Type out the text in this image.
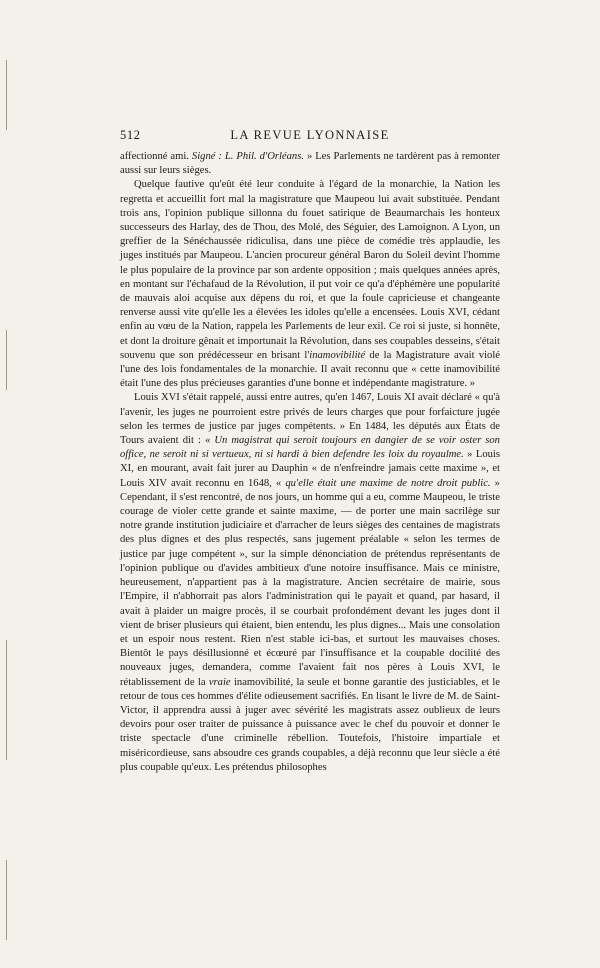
512	LA REVUE LYONNAISE

affectionné ami. Signé : L. Phil. d'Orléans. » Les Parlements ne tardèrent pas à remonter aussi sur leurs sièges.

Quelque fautive qu'eût été leur conduite à l'égard de la monarchie, la Nation les regretta et accueillit fort mal la magistrature que Maupeou lui avait substituée. Pendant trois ans, l'opinion publique sillonna du fouet satirique de Beaumarchais les honteux successeurs des Harlay, des de Thou, des Molé, des Séguier, des Lamoignon. A Lyon, un greffier de la Sénéchaussée ridiculisa, dans une pièce de comédie très applaudie, les juges institués par Maupeou. L'ancien procureur général Baron du Soleil devint l'homme le plus populaire de la province par son ardente opposition ; mais quelques années après, en montant sur l'échafaud de la Révolution, il put voir ce qu'a d'éphémère une popularité de mauvais aloi acquise aux dépens du roi, et que la foule capricieuse et changeante renverse aussi vite qu'elle les a élevées les idoles qu'elle a encensées. Louis XVI, cédant enfin au vœu de la Nation, rappela les Parlements de leur exil. Ce roi si juste, si honnête, et dont la droiture gênait et importunait la Révolution, dans ses coupables desseins, s'était souvenu que son prédécesseur en brisant l'inamovibilité de la Magistrature avait violé l'une des lois fondamentales de la monarchie. Il avait reconnu que « cette inamovibilité était l'une des plus précieuses garanties d'une bonne et indépendante magistrature. »

Louis XVI s'était rappelé, aussi entre autres, qu'en 1467, Louis XI avait déclaré « qu'à l'avenir, les juges ne pourroient estre privés de leurs charges que pour forfaicture jugée selon les termes de justice par juges compétents. » En 1484, les députés aux États de Tours avaient dit : « Un magistrat qui seroit toujours en dangier de se voir oster son office, ne seroit ni si vertueux, ni si hardi à bien defendre les loix du royaulme. » Louis XI, en mourant, avait fait jurer au Dauphin « de n'enfreindre jamais cette maxime », et Louis XIV avait reconnu en 1648, « qu'elle était une maxime de notre droit public. » Cependant, il s'est rencontré, de nos jours, un homme qui a eu, comme Maupeou, le triste courage de violer cette grande et sainte maxime, — de porter une main sacrilège sur notre grande institution judiciaire et d'arracher de leurs sièges des centaines de magistrats des plus dignes et des plus respectés, sans jugement préalable « selon les termes de justice par juge compétent », sur la simple dénonciation de prétendus représentants de l'opinion publique ou d'avides ambitieux d'une notoire insuffisance. Mais ce ministre, heureusement, n'appartient pas à la magistrature. Ancien secrétaire de mairie, sous l'Empire, il n'abhorrait pas alors l'administration qui le payait et quand, par hasard, il avait à plaider un maigre procès, il se courbait profondément devant les juges dont il vient de briser plusieurs qui étaient, bien entendu, les plus dignes... Mais une consolation et un espoir nous restent. Rien n'est stable ici-bas, et surtout les mauvaises choses. Bientôt le pays désillusionné et écœuré par l'insuffisance et la coupable docilité des nouveaux juges, demandera, comme l'avaient fait nos pères à Louis XVI, le rétablissement de la vraie inamovibilité, la seule et bonne garantie des justiciables, et le retour de tous ces hommes d'élite odieusement sacrifiés. En lisant le livre de M. de Saint-Victor, il apprendra aussi à juger avec sévérité les magistrats assez oublieux de leurs devoirs pour oser traiter de puissance à puissance avec le chef du pouvoir et donner le triste spectacle d'une criminelle rébellion. Toutefois, l'histoire impartiale et miséricordieuse, sans absoudre ces grands coupables, a déjà reconnu que leur siècle a été plus coupable qu'eux. Les prétendus philosophes
